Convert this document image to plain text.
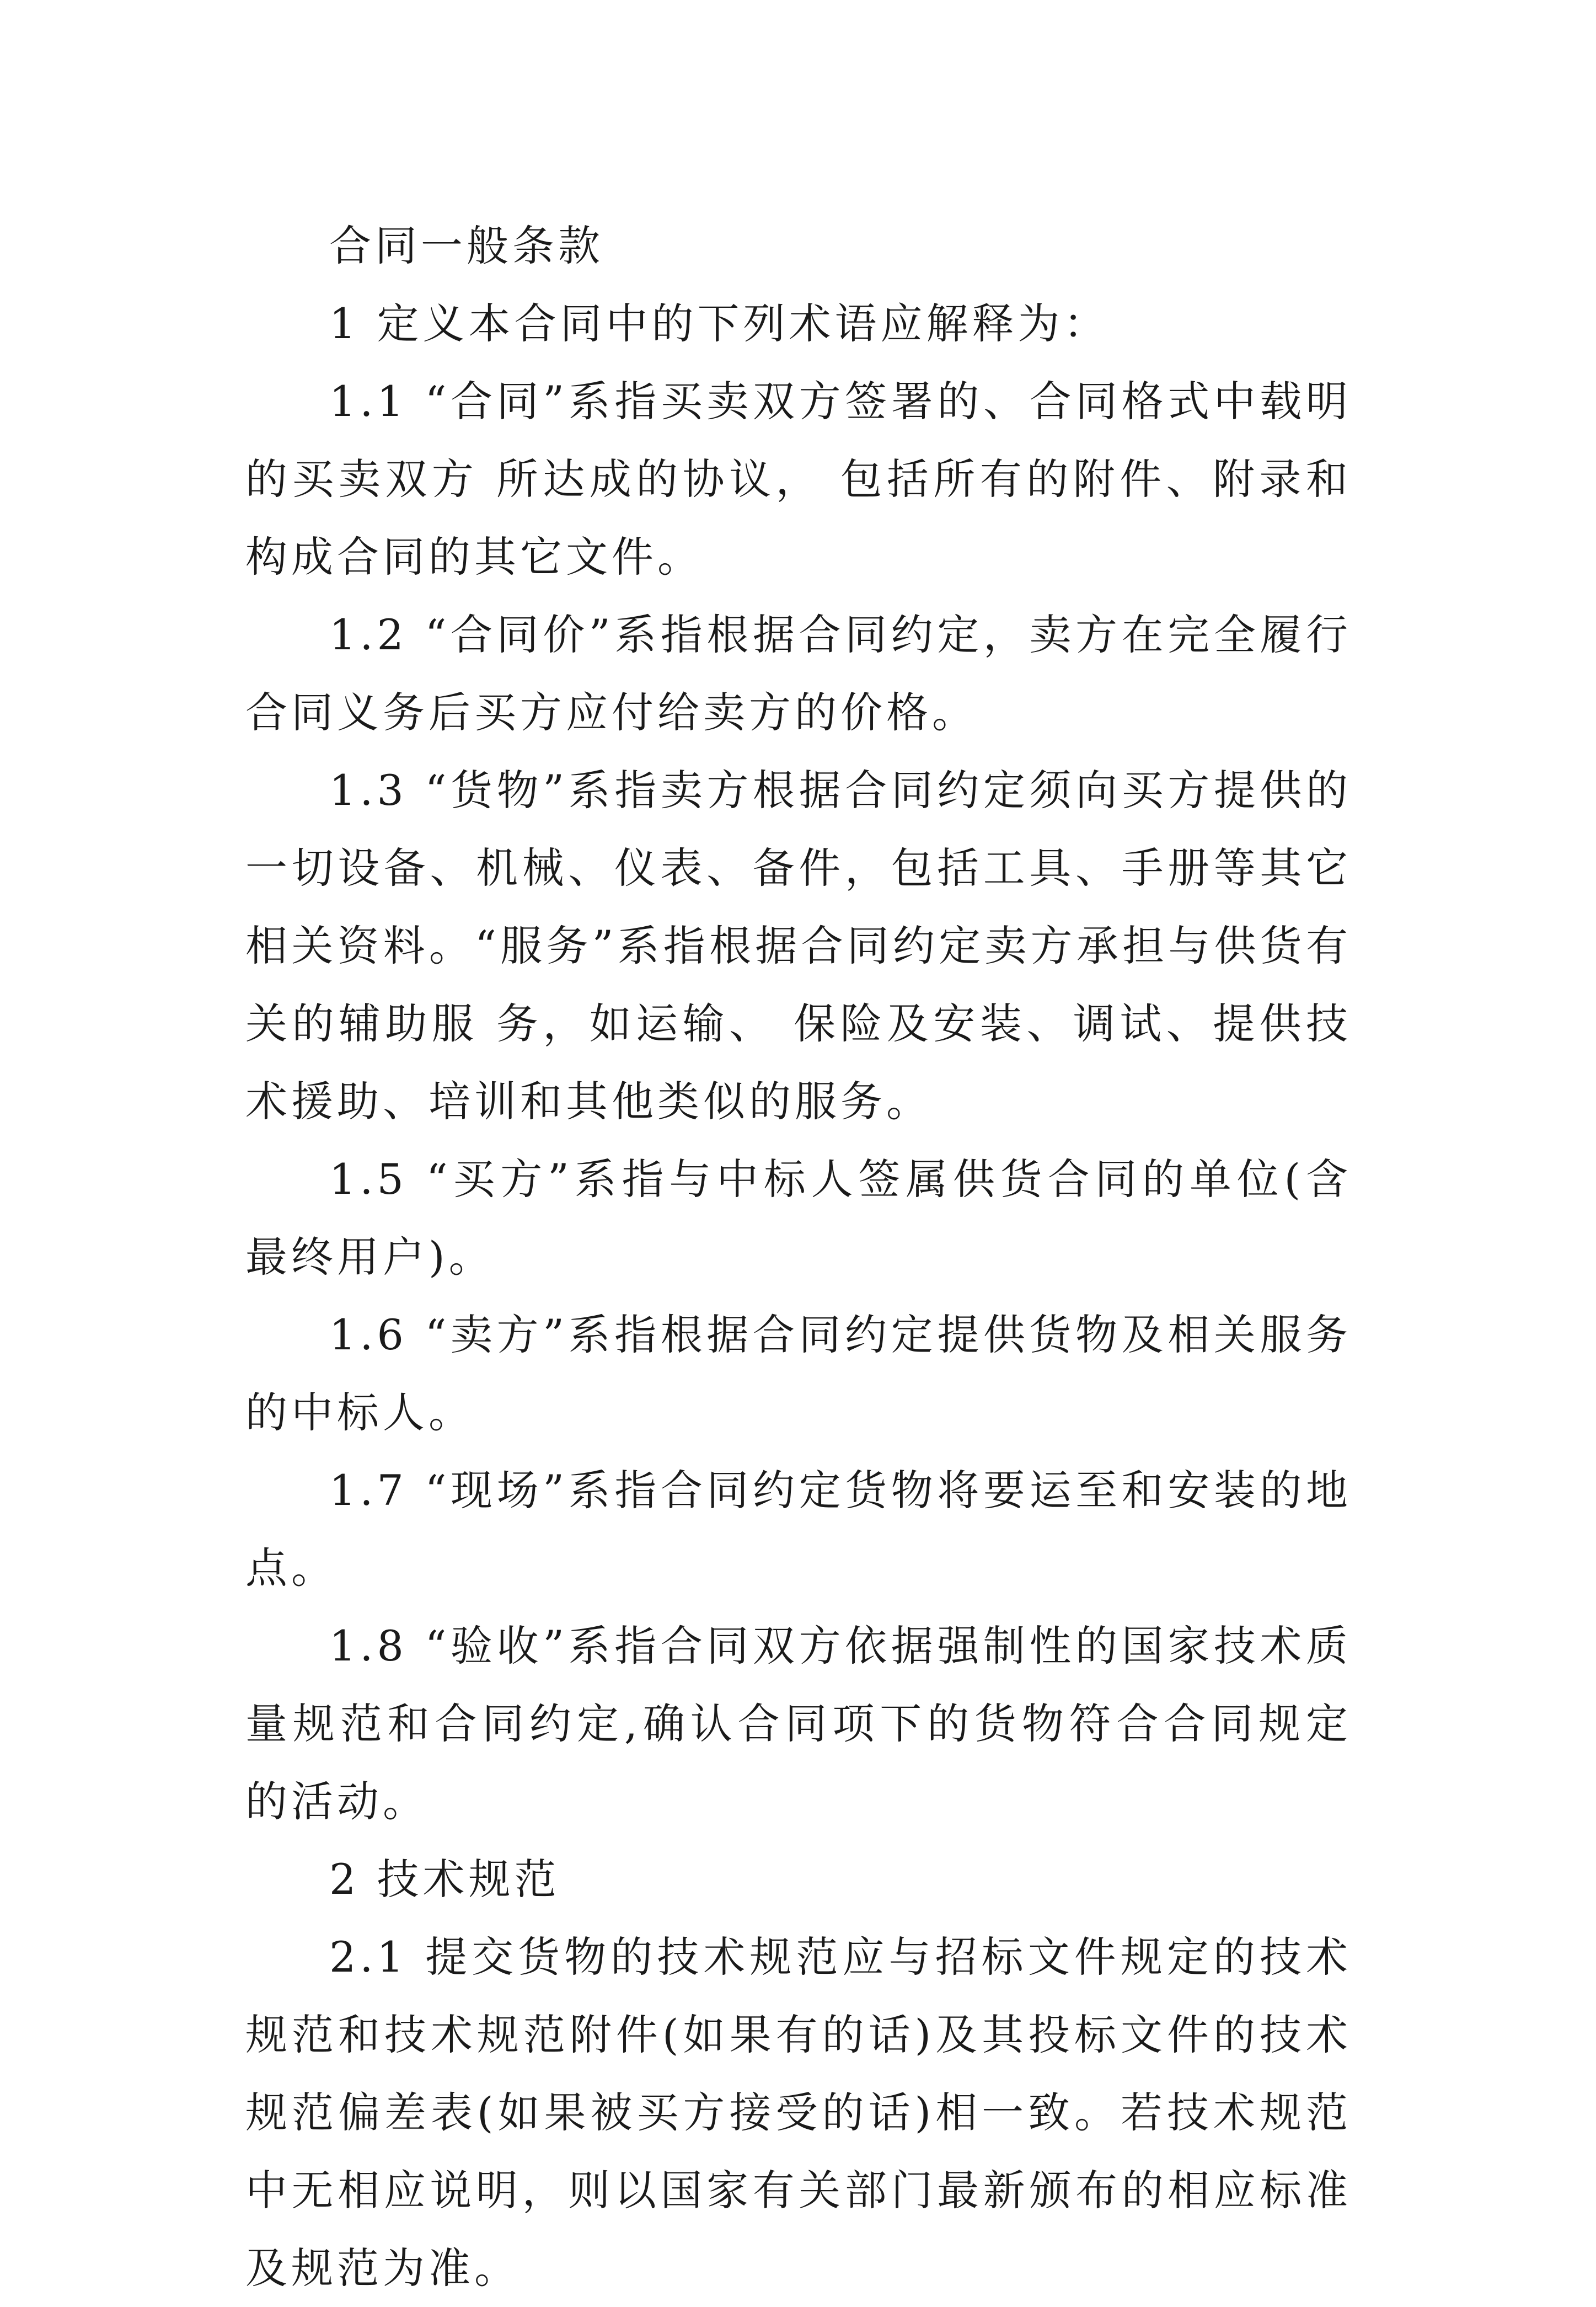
合同一般条款

1 定义本合同中的下列术语应解释为：

1.1 “合同”系指买卖双方签署的、合同格式中载明的买卖双方 所达成的协议， 包括所有的附件、附录和构成合同的其它文件。

1.2 “合同价”系指根据合同约定，卖方在完全履行合同义务后买方应付给卖方的价格。

1.3 “货物”系指卖方根据合同约定须向买方提供的一切设备、机械、仪表、备件，包括工具、手册等其它相关资料。“服务”系指根据合同约定卖方承担与供货有关的辅助服 务，如运输、 保险及安装、调试、提供技术援助、培训和其他类似的服务。

1.5 “买方”系指与中标人签属供货合同的单位(含最终用户)。

1.6 “卖方”系指根据合同约定提供货物及相关服务的中标人。

1.7 “现场”系指合同约定货物将要运至和安装的地点。

1.8 “验收”系指合同双方依据强制性的国家技术质量规范和合同约定,确认合同项下的货物符合合同规定的活动。

2 技术规范

2.1 提交货物的技术规范应与招标文件规定的技术规范和技术规范附件(如果有的话)及其投标文件的技术规范偏差表(如果被买方接受的话)相一致。若技术规范中无相应说明，则以国家有关部门最新颁布的相应标准及规范为准。
